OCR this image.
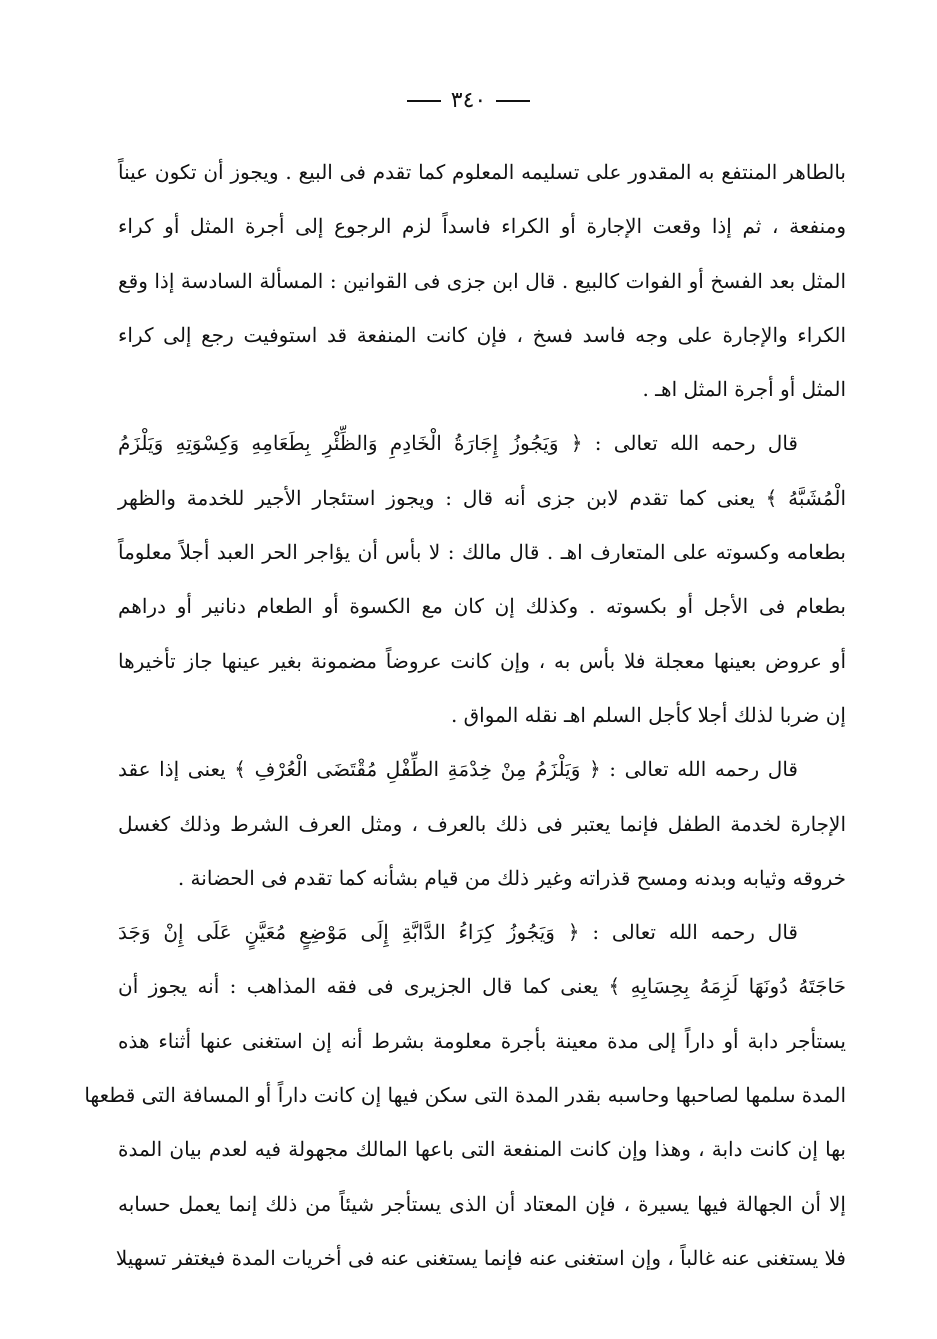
٣٤٠
بالطاهر المنتفع به المقدور على تسليمه المعلوم كما تقدم فى البيع . ويجوز أن تكون عيناً
ومنفعة ، ثم إذا وقعت الإجارة أو الكراء فاسداً لزم الرجوع إلى أجرة المثل أو كراء
المثل بعد الفسخ أو الفوات كالبيع . قال ابن جزى فى القوانين : المسألة السادسة إذا وقع
الكراء والإجارة على وجه فاسد فسخ ، فإن كانت المنفعة قد استوفيت رجع إلى كراء
المثل أو أجرة المثل اهـ .
قال رحمه الله تعالى : ﴿ وَيَجُوزُ إِجَارَةُ الْخَادِمِ وَالظِّئْرِ بِطَعَامِهِ وَكِسْوَتِهِ وَيَلْزَمُ
الْمُشَبَّهُ ﴾ يعنى كما تقدم لابن جزى أنه قال : ويجوز استئجار الأجير للخدمة والظهر
بطعامه وكسوته على المتعارف اهـ . قال مالك : لا بأس أن يؤاجر الحر العبد أجلاً معلوماً
بطعام فى الأجل أو بكسوته . وكذلك إن كان مع الكسوة أو الطعام دنانير أو دراهم
أو عروض بعينها معجلة فلا بأس به ، وإن كانت عروضاً مضمونة بغير عينها جاز تأخيرها
إن ضربا لذلك أجلا كأجل السلم اهـ نقله المواق .
قال رحمه الله تعالى : ﴿ وَيَلْزَمُ مِنْ خِدْمَةِ الطِّفْلِ مُقْتَضَى الْعُرْفِ ﴾ يعنى إذا عقد
الإجارة لخدمة الطفل فإنما يعتبر فى ذلك بالعرف ، ومثل العرف الشرط وذلك كغسل
خروقه وثيابه وبدنه ومسح قذراته وغير ذلك من قيام بشأنه كما تقدم فى الحضانة .
قال رحمه الله تعالى : ﴿ وَيَجُوزُ كِرَاءُ الدَّابَّةِ إِلَى مَوْضِعٍ مُعَيَّنٍ عَلَى إِنْ وَجَدَ
حَاجَتَهُ دُونَهَا لَزِمَهُ بِحِسَابِهِ ﴾ يعنى كما قال الجزيرى فى فقه المذاهب : أنه يجوز أن
يستأجر دابة أو داراً إلى مدة معينة بأجرة معلومة بشرط أنه إن استغنى عنها أثناء هذه
المدة سلمها لصاحبها وحاسبه بقدر المدة التى سكن فيها إن كانت داراً أو المسافة التى قطعها
بها إن كانت دابة ، وهذا وإن كانت المنفعة التى باعها المالك مجهولة فيه لعدم بيان المدة
إلا أن الجهالة فيها يسيرة ، فإن المعتاد أن الذى يستأجر شيئاً من ذلك إنما يعمل حسابه
فلا يستغنى عنه غالباً ، وإن استغنى عنه فإنما يستغنى عنه فى أخريات المدة فيغتفر تسهيلا
